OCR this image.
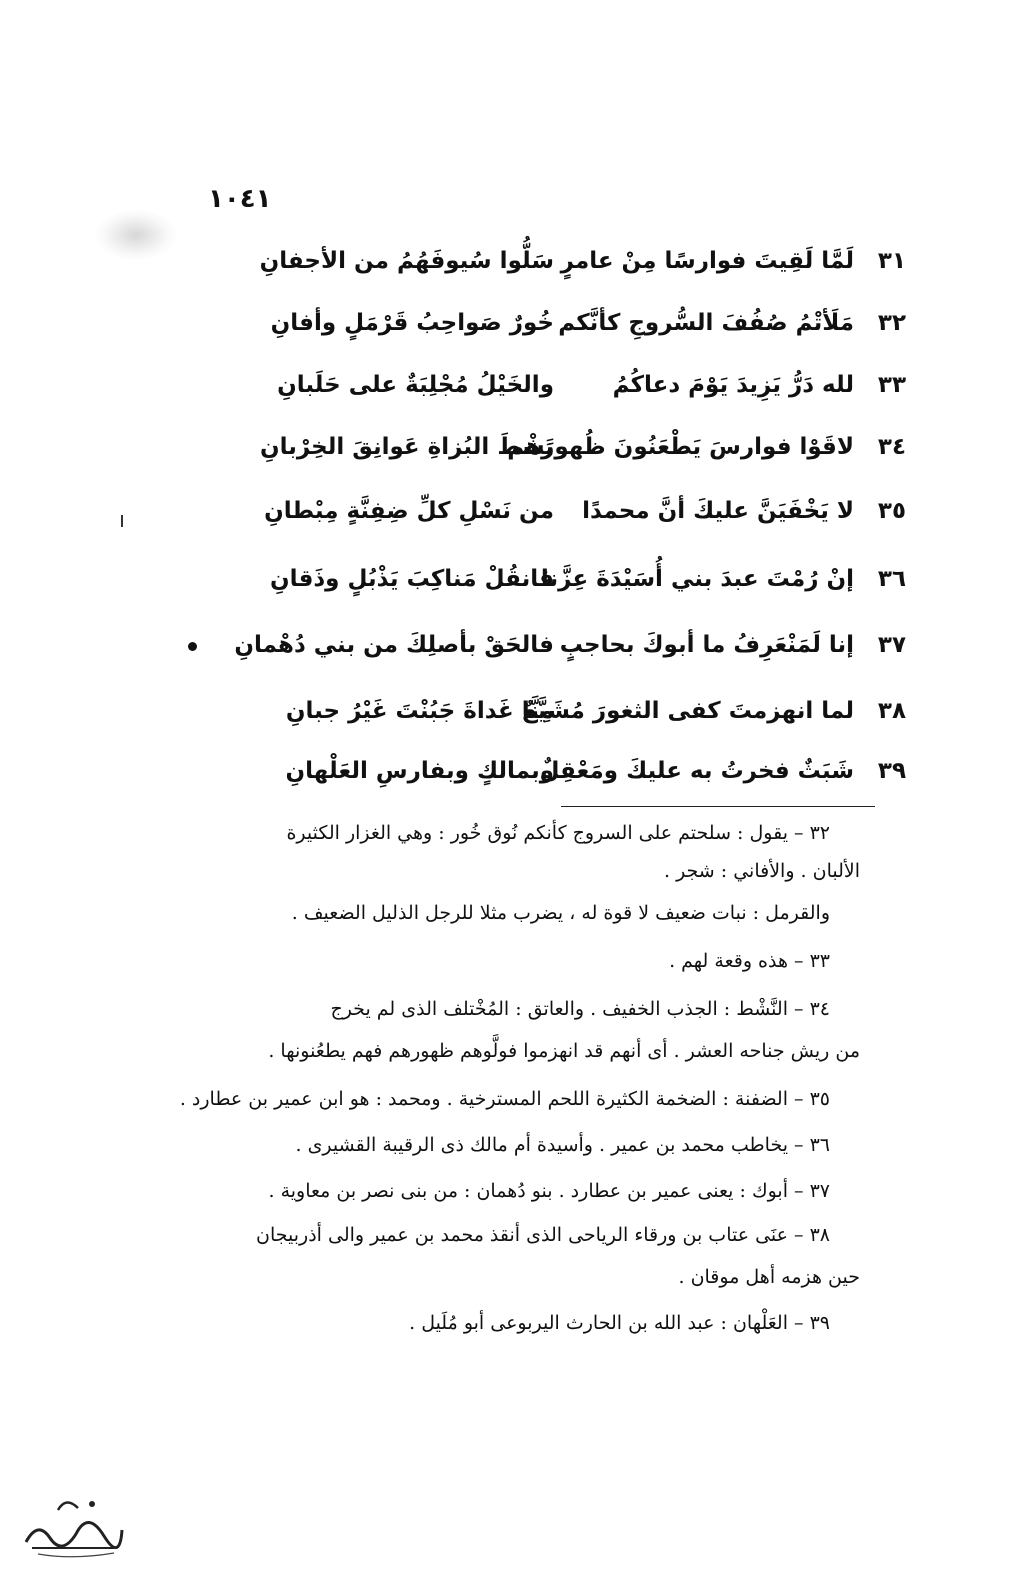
١٠٤١
٣١
لَمَّا لَقِيتَ فوارسًا مِنْ عامرٍ
سَلُّوا سُيوفَهُمُ من الأجفانِ
٣٢
مَلَأتْمُ صُفُفَ السُّروجِ كأنَّكم
خُورٌ صَواحِبُ قَرْمَلٍ وأفانِ
٣٣
لله دَرُّ يَزِيدَ يَوْمَ دعاكُمُ
والخَيْلُ مُجْلِبَةٌ على حَلَبانِ
٣٤
لاقَوْا فوارسَ يَطْعَنُونَ ظُهورَهم
نَشْطَ البُزاةِ عَوانِقَ الخِرْبانِ
٣٥
لا يَخْفَيَنَّ عليكَ أنَّ محمدًا
من نَسْلِ كلِّ ضِفِنَّةٍ مِبْطانِ
٣٦
إنْ رُمْتَ عبدَ بني أُسَيْدَةَ عِزَّنا
فانقُلْ مَناكِبَ يَذْبُلٍ وذَقانِ
٣٧
إنا لَمَنْعَرِفُ ما أبوكَ بحاجبٍ
فالحَقْ بأصلِكَ من بني دُهْمانِ
٣٨
لما انهزمتَ كفى الثغورَ مُشَيَّعٌ
مِنَّا غَداةَ جَبُنْتَ غَيْرُ جبانِ
٣٩
شَبَثٌ فخرتُ به عليكَ ومَعْقِلٌ
وبمالكٍ وبفارسِ العَلْهانِ
٣٢ – يقول : سلحتم على السروج كأنكم نُوق خُور : وهي الغزار الكثيرة
الألبان . والأفاني : شجر .
والقرمل : نبات ضعيف لا قوة له ، يضرب مثلا للرجل الذليل الضعيف .
٣٣ – هذه وقعة لهم .
٣٤ – النَّشْط : الجذب الخفيف . والعاتق : المُخْتلف الذى لم يخرج
من ريش جناحه العشر . أى أنهم قد انهزموا فولَّوهم ظهورهم فهم يطعُنونها .
٣٥ – الضفنة : الضخمة الكثيرة اللحم المسترخية . ومحمد : هو ابن عمير بن عطارد .
٣٦ – يخاطب محمد بن عمير . وأسيدة أم مالك ذى الرقيبة القشيرى .
٣٧ – أبوك : يعنى عمير بن عطارد . بنو دُهمان : من بنى نصر بن معاوية .
٣٨ – عنَى عتاب بن ورقاء الرياحى الذى أنقذ محمد بن عمير والى أذربيجان
حين هزمه أهل موقان .
٣٩ – العَلْهان : عبد الله بن الحارث اليربوعى أبو مُلَيل .
